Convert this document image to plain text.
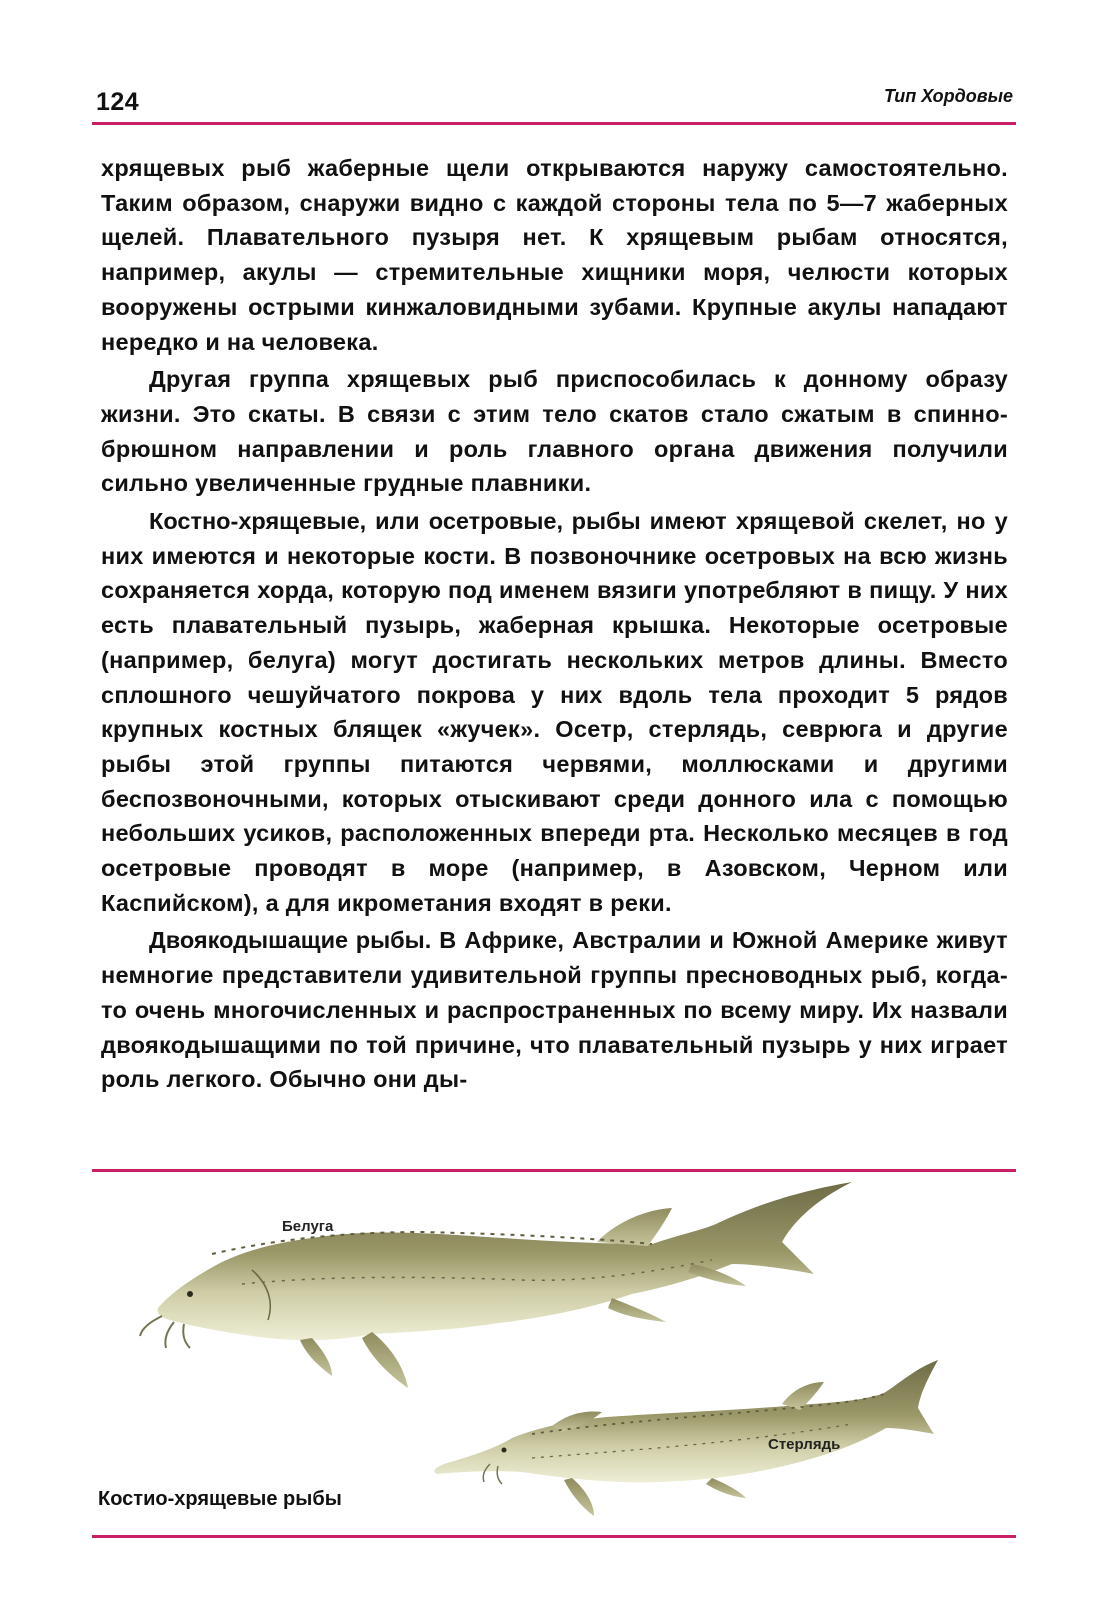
124	Тип Хордовые

хрящевых рыб жаберные щели открываются наружу самостоятельно. Таким образом, снаружи видно с каждой стороны тела по 5—7 жаберных щелей. Плавательного пузыря нет. К хрящевым рыбам относятся, например, акулы — стремительные хищники моря, челюсти которых вооружены острыми кинжаловидными зубами. Крупные акулы нападают нередко и на человека.

Другая группа хрящевых рыб приспособилась к донному образу жизни. Это скаты. В связи с этим тело скатов стало сжатым в спинно-брюшном направлении и роль главного органа движения получили сильно увеличенные грудные плавники.

Костно-хрящевые, или осетровые, рыбы имеют хрящевой скелет, но у них имеются и некоторые кости. В позвоночнике осетровых на всю жизнь сохраняется хорда, которую под именем вязиги употребляют в пищу. У них есть плавательный пузырь, жаберная крышка. Некоторые осетровые (например, белуга) могут достигать нескольких метров длины. Вместо сплошного чешуйчатого покрова у них вдоль тела проходит 5 рядов крупных костных блящек «жучек». Осетр, стерлядь, севрюга и другие рыбы этой группы питаются червями, моллюсками и другими беспозвоночными, которых отыскивают среди донного ила с помощью небольших усиков, расположенных впереди рта. Несколько месяцев в год осетровые проводят в море (например, в Азовском, Черном или Каспийском), а для икрометания входят в реки.

Двоякодышащие рыбы. В Африке, Австралии и Южной Америке живут немногие представители удивительной группы пресноводных рыб, когда-то очень многочисленных и распространенных по всему миру. Их назвали двоякодышащими по той причине, что плавательный пузырь у них играет роль легкого. Обычно они ды-

Белуга
Стерлядь
Костио-хрящевые рыбы
